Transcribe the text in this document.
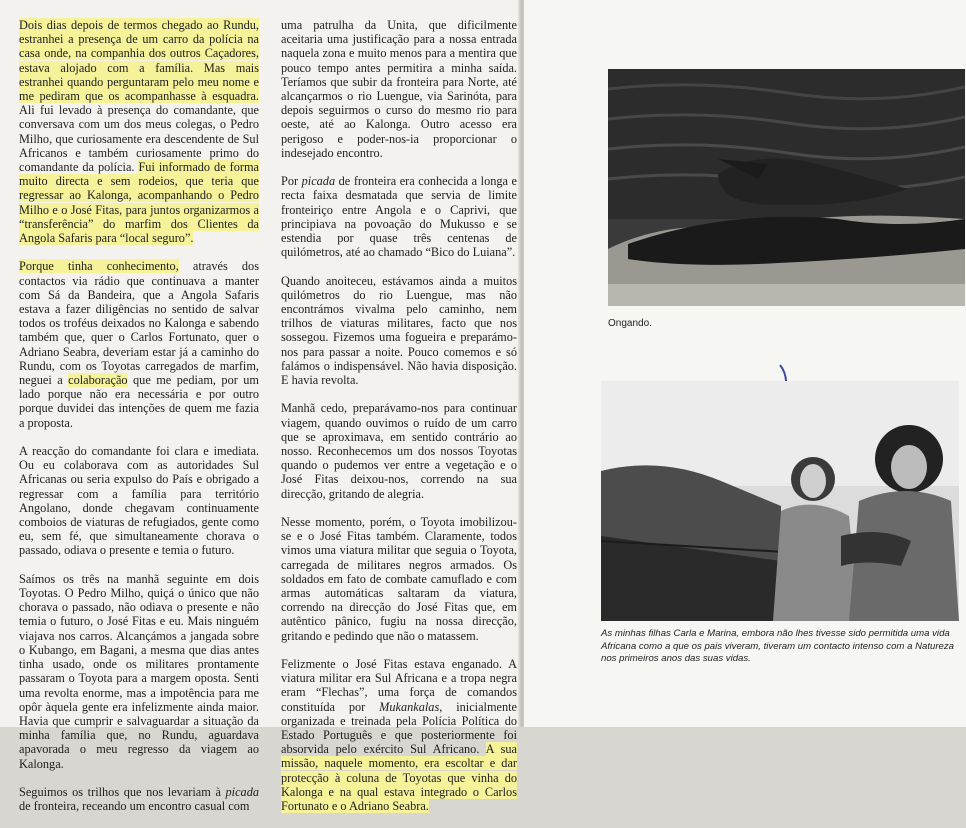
Dois dias depois de termos chegado ao Rundu, estranhei a presença de um carro da polícia na casa onde, na companhia dos outros Caçadores, estava alojado com a família. Mas mais estranhei quando perguntaram pelo meu nome e me pediram que os acompanhasse à esquadra. Ali fui levado à presença do comandante, que conversava com um dos meus colegas, o Pedro Milho, que curiosamente era descendente de Sul Africanos e também curiosamente primo do comandante da polícia. Fui informado de forma muito directa e sem rodeios, que teria que regressar ao Kalonga, acompanhando o Pedro Milho e o José Fitas, para juntos organizarmos a “transferência” do marfim dos Clientes da Angola Safaris para “local seguro”.

Porque tinha conhecimento, através dos contactos via rádio que continuava a manter com Sá da Bandeira, que a Angola Safaris estava a fazer diligências no sentido de salvar todos os troféus deixados no Kalonga e sabendo também que, quer o Carlos Fortunato, quer o Adriano Seabra, deveriam estar já a caminho do Rundu, com os Toyotas carregados de marfim, neguei a colaboração que me pediam, por um lado porque não era necessária e por outro porque duvidei das intenções de quem me fazia a proposta.

A reacção do comandante foi clara e imediata. Ou eu colaborava com as autoridades Sul Africanas ou seria expulso do País e obrigado a regressar com a família para território Angolano, donde chegavam continuamente comboios de viaturas de refugiados, gente como eu, sem fé, que simultaneamente chorava o passado, odiava o presente e temia o futuro.

Saímos os três na manhã seguinte em dois Toyotas. O Pedro Milho, quiçá o único que não chorava o passado, não odiava o presente e não temia o futuro, o José Fitas e eu. Mais ninguém viajava nos carros. Alcançámos a jangada sobre o Kubango, em Bagani, a mesma que dias antes tinha usado, onde os militares prontamente passaram o Toyota para a margem oposta. Senti uma revolta enorme, mas a impotência para me opôr àquela gente era infelizmente ainda maior. Havia que cumprir e salvaguardar a situação da minha família que, no Rundu, aguardava apavorada o meu regresso da viagem ao Kalonga.

Seguimos os trilhos que nos levariam à picada de fronteira, receando um encontro casual com

uma patrulha da Unita, que dificilmente aceitaria uma justificação para a nossa entrada naquela zona e muito menos para a mentira que pouco tempo antes permitira a minha saída. Teríamos que subir da fronteira para Norte, até alcançarmos o rio Luengue, via Sarinóta, para depois seguirmos o curso do mesmo rio para oeste, até ao Kalonga. Outro acesso era perigoso e poder-nos-ia proporcionar o indesejado encontro.

Por picada de fronteira era conhecida a longa e recta faixa desmatada que servia de limite fronteiriço entre Angola e o Caprivi, que principiava na povoação do Mukusso e se estendia por quase três centenas de quilómetros, até ao chamado “Bico do Luiana”.

Quando anoiteceu, estávamos ainda a muitos quilómetros do rio Luengue, mas não encontrámos vivalma pelo caminho, nem trilhos de viaturas militares, facto que nos sossegou. Fizemos uma fogueira e preparámo-nos para passar a noite. Pouco comemos e só falámos o indispensável. Não havia disposição. E havia revolta.

Manhã cedo, preparávamo-nos para continuar viagem, quando ouvimos o ruído de um carro que se aproximava, em sentido contrário ao nosso. Reconhecemos um dos nossos Toyotas quando o pudemos ver entre a vegetação e o José Fitas deixou-nos, correndo na sua direcção, gritando de alegria.

Nesse momento, porém, o Toyota imobilizou-se e o José Fitas também. Claramente, todos vimos uma viatura militar que seguia o Toyota, carregada de militares negros armados. Os soldados em fato de combate camuflado e com armas automáticas saltaram da viatura, correndo na direcção do José Fitas que, em autêntico pânico, fugiu na nossa direcção, gritando e pedindo que não o matassem.

Felizmente o José Fitas estava enganado. A viatura militar era Sul Africana e a tropa negra eram “Flechas”, uma força de comandos constituída por Mukankalas, inicialmente organizada e treinada pela Polícia Política do Estado Português e que posteriormente foi absorvida pelo exército Sul Africano. A sua missão, naquele momento, era escoltar e dar protecção à coluna de Toyotas que vinha do Kalonga e na qual estava integrado o Carlos Fortunato e o Adriano Seabra.

Ongando.
As minhas filhas Carla e Marina, embora não lhes tivesse sido permitida uma vida Africana como a que os pais viveram, tiveram um contacto intenso com a Natureza nos primeiros anos das suas vidas.
